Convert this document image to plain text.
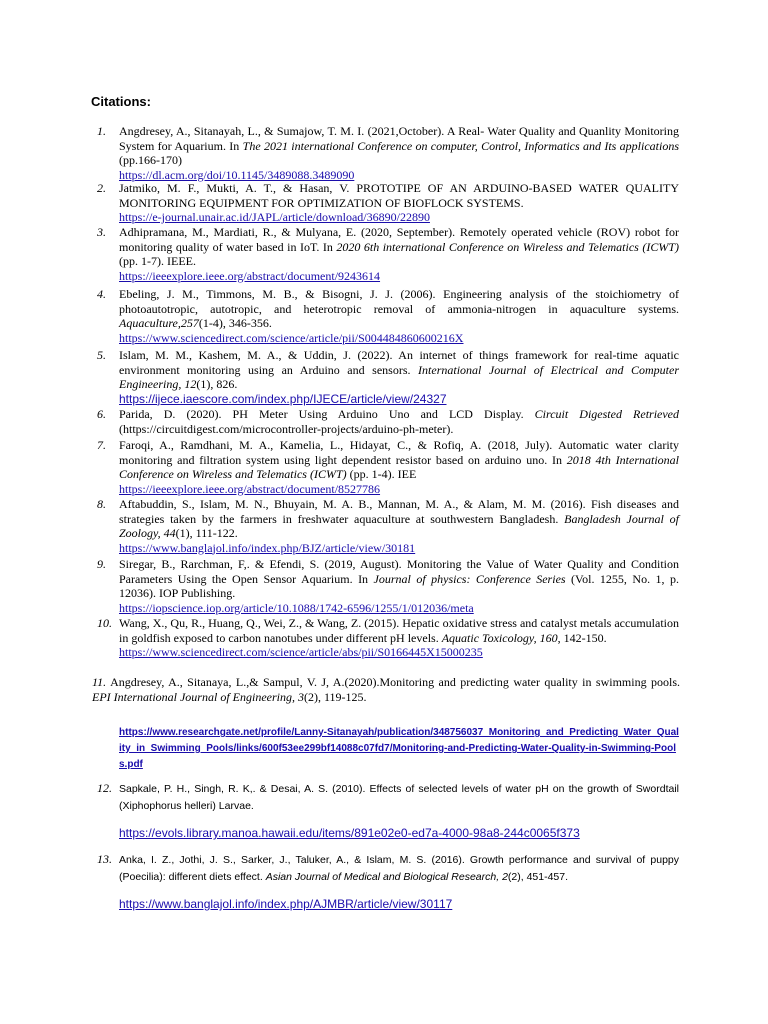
Citations:
1. Angdresey, A., Sitanayah, L., & Sumajow, T. M. I. (2021,October). A Real- Water Quality and Quanlity Monitoring System for Aquarium. In The 2021 international Conference on computer, Control, Informatics and Its applications (pp.166-170)
https://dl.acm.org/doi/10.1145/3489088.3489090
2. Jatmiko, M. F., Mukti, A. T., & Hasan, V. PROTOTIPE OF AN ARDUINO-BASED WATER QUALITY MONITORING EQUIPMENT FOR OPTIMIZATION OF BIOFLOCK SYSTEMS.
https://e-journal.unair.ac.id/JAPL/article/download/36890/22890
3. Adhipramana, M., Mardiati, R., & Mulyana, E. (2020, September). Remotely operated vehicle (ROV) robot for monitoring quality of water based in IoT. In 2020 6th international Conference on Wireless and Telematics (ICWT)(pp. 1-7). IEEE.
https://ieeexplore.ieee.org/abstract/document/9243614
4. Ebeling, J. M., Timmons, M. B., & Bisogni, J. J. (2006). Engineering analysis of the stoichiometry of photoautotropic, autotropic, and heterotropic removal of ammonia-nitrogen in aquaculture systems. Aquaculture,257(1-4), 346-356.
https://www.sciencedirect.com/science/article/pii/S004484860600216X
5. Islam, M. M., Kashem, M. A., & Uddin, J. (2022). An internet of things framework for real-time aquatic environment monitoring using an Arduino and sensors. International Journal of Electrical and Computer Engineering, 12(1), 826.
https://ijece.iaescore.com/index.php/IJECE/article/view/24327
6. Parida, D. (2020). PH Meter Using Arduino Uno and LCD Display. Circuit Digested Retrieved (https://circuitdigest.com/microcontroller-projects/arduino-ph-meter).
7. Faroqi, A., Ramdhani, M. A., Kamelia, L., Hidayat, C., & Rofiq, A. (2018, July). Automatic water clarity monitoring and filtration system using light dependent resistor based on arduino uno. In 2018 4th International Conference on Wireless and Telematics (ICWT) (pp. 1-4). IEE
https://ieeexplore.ieee.org/abstract/document/8527786
8. Aftabuddin, S., Islam, M. N., Bhuyain, M. A. B., Mannan, M. A., & Alam, M. M. (2016). Fish diseases and strategies taken by the farmers in freshwater aquaculture at southwestern Bangladesh. Bangladesh Journal of Zoology, 44(1), 111-122.
https://www.banglajol.info/index.php/BJZ/article/view/30181
9. Siregar, B., Rarchman, F,. & Efendi, S. (2019, August). Monitoring the Value of Water Quality and Condition Parameters Using the Open Sensor Aquarium. In Journal of physics: Conference Series (Vol. 1255, No. 1, p. 12036). IOP Publishing.
https://iopscience.iop.org/article/10.1088/1742-6596/1255/1/012036/meta
10. Wang, X., Qu, R., Huang, Q., Wei, Z., & Wang, Z. (2015). Hepatic oxidative stress and catalyst metals accumulation in goldfish exposed to carbon nanotubes under different pH levels. Aquatic Toxicology, 160, 142-150.
https://www.sciencedirect.com/science/article/abs/pii/S0166445X15000235
11. Angdresey, A., Sitanaya, L.,& Sampul, V. J, A.(2020).Monitoring and predicting water quality in swimming pools. EPI International Journal of Engineering, 3(2), 119-125.
https://www.researchgate.net/profile/Lanny-Sitanayah/publication/348756037_Monitoring_and_Predicting_Water_Quality_in_Swimming_Pools/links/600f53ee299bf14088c07fd7/Monitoring-and-Predicting-Water-Quality-in-Swimming-Pools.pdf
12. Sapkale, P. H., Singh, R. K,. & Desai, A. S. (2010). Effects of selected levels of water pH on the growth of Swordtail (Xiphophorus helleri) Larvae.
https://evols.library.manoa.hawaii.edu/items/891e02e0-ed7a-4000-98a8-244c0065f373
13. Anka, I. Z., Jothi, J. S., Sarker, J., Taluker, A., & Islam, M. S. (2016). Growth performance and survival of puppy (Poecilia): different diets effect. Asian Journal of Medical and Biological Research, 2(2), 451-457.
https://www.banglajol.info/index.php/AJMBR/article/view/30117
